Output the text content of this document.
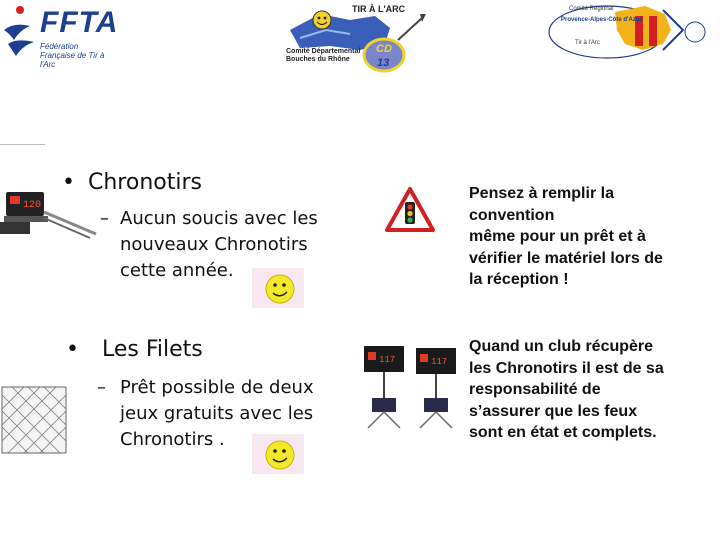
FFTA
Fédération Française de Tir à l'Arc
CD
13
TIR À L'ARC
Comité Départemental Bouches du Rhône
Comité Régional
Provence-Alpes-Côte d'Azur
Tir à l'Arc
120
• Chronotirs
– Aucun soucis avec les
nouveaux Chronotirs
cette année.
• Les Filets
– Prêt possible de deux
jeux gratuits avec les
Chronotirs .
Pensez à remplir la
convention
même pour un prêt et à
vérifier le matériel lors de
la réception !
117	117
Quand un club récupère
les Chronotirs il est de sa
responsabilité de
s’assurer que les feux
sont en état et complets.
